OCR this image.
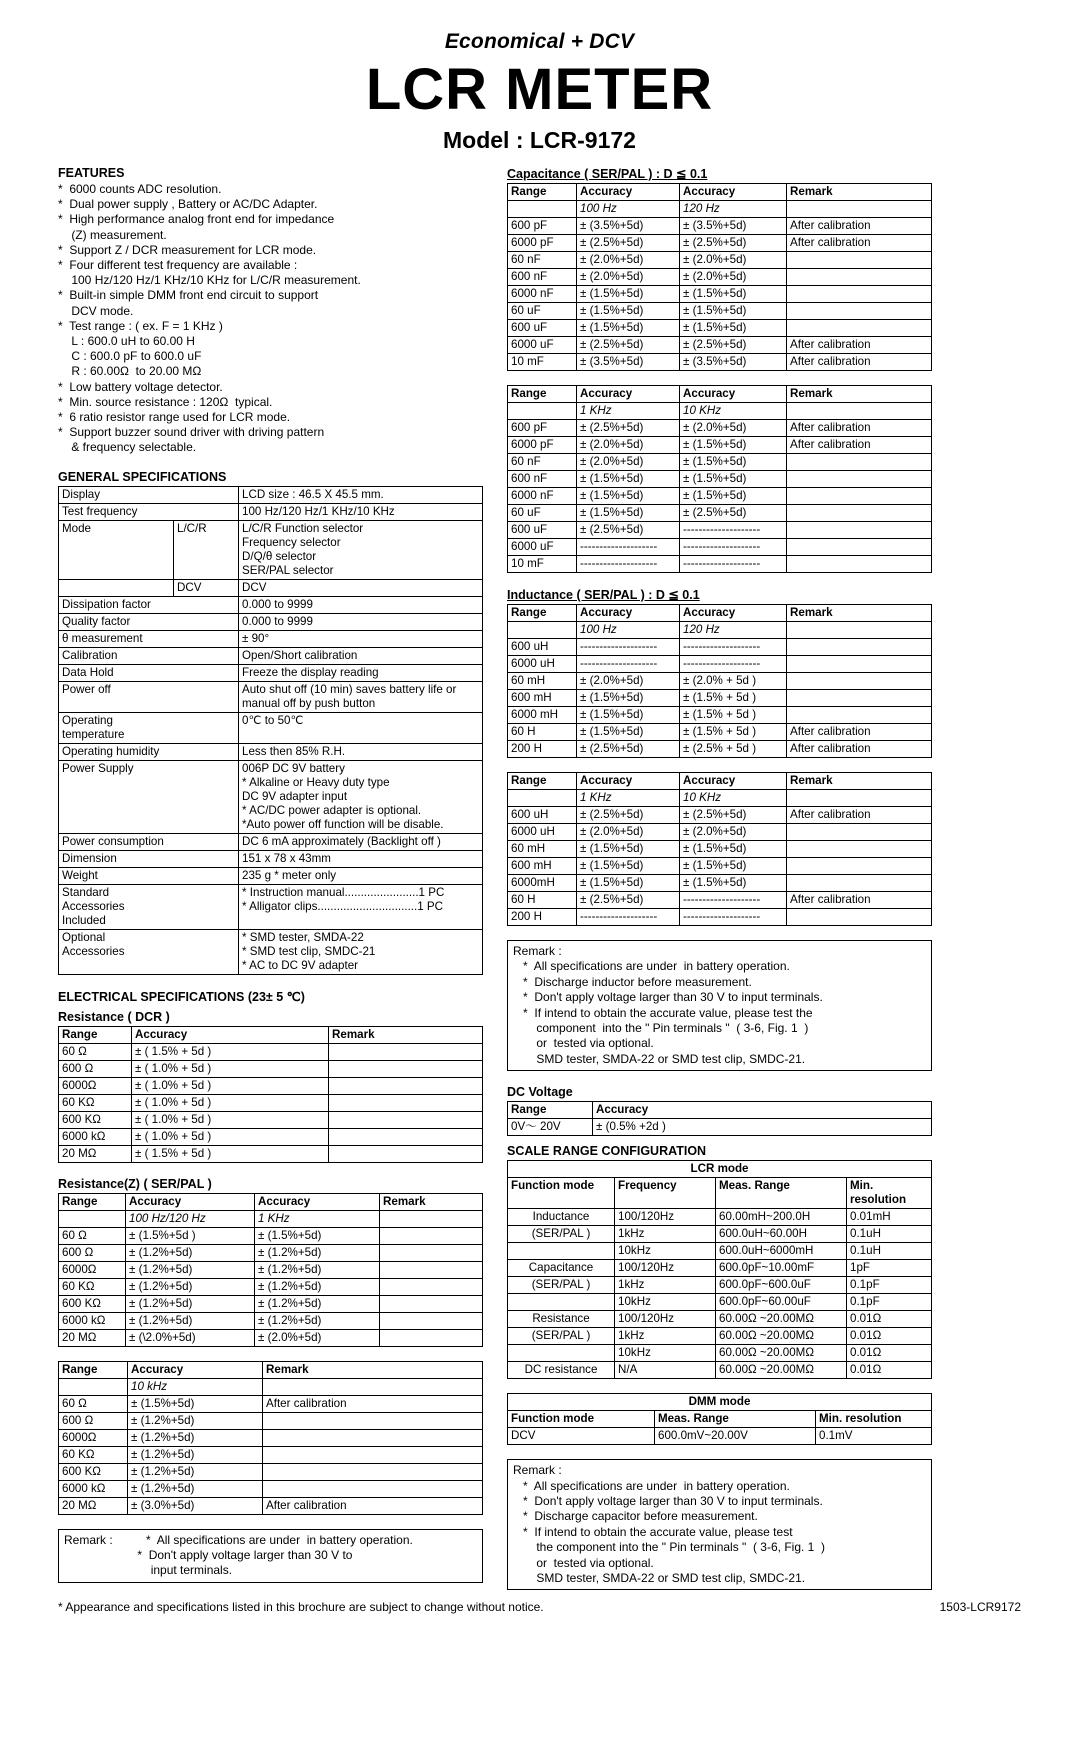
Economical + DCV
LCR METER
Model : LCR-9172
FEATURES
*  6000 counts ADC resolution.
*  Dual power supply , Battery or AC/DC Adapter.
*  High performance analog front end for impedance
(Z) measurement.
*  Support Z / DCR measurement for LCR mode.
*  Four different test frequency are available :
100 Hz/120 Hz/1 KHz/10 KHz for L/C/R measurement.
*  Built-in simple DMM front end circuit to support
DCV mode.
*  Test range : ( ex. F = 1 KHz )
L : 600.0 uH to 60.00 H
C : 600.0 pF to 600.0 uF
R : 60.00Ω  to 20.00 MΩ
*  Low battery voltage detector.
*  Min. source resistance : 120Ω  typical.
*  6 ratio resistor range used for LCR mode.
*  Support buzzer sound driver with driving pattern
& frequency selectable.
GENERAL SPECIFICATIONS
Display		LCD size : 46.5 X 45.5 mm.
Test frequency		100 Hz/120 Hz/1 KHz/10 KHz
Mode	L/C/R	L/C/R Function selector
Frequency selector
D/Q/θ selector
SER/PAL selector
	DCV	DCV
Dissipation factor		0.000 to 9999
Quality factor		0.000 to 9999
θ measurement		± 90°
Calibration		Open/Short calibration
Data Hold		Freeze the display reading
Power off		Auto shut off (10 min) saves battery life or
manual off by push button
Operating
temperature		0℃ to 50℃
Operating humidity		Less then 85% R.H.
Power Supply		006P DC 9V battery
* Alkaline or Heavy duty type
DC 9V adapter input
* AC/DC power adapter is optional.
*Auto power off function will be disable.
Power consumption		DC 6 mA approximately (Backlight off )
Dimension		151 x 78 x 43mm
Weight		235 g * meter only
Standard
Accessories
Included		* Instruction manual.......................1 PC
* Alligator clips...............................1 PC
Optional
Accessories		* SMD tester, SMDA-22
* SMD test clip, SMDC-21
* AC to DC 9V adapter
ELECTRICAL SPECIFICATIONS (23± 5 ℃)
Resistance ( DCR )
Range	Accuracy	Remark
60 Ω	± ( 1.5% + 5d )	
600 Ω	± ( 1.0% + 5d )	
6000Ω	± ( 1.0% + 5d )	
60 KΩ	± ( 1.0% + 5d )	
600 KΩ	± ( 1.0% + 5d )	
6000 kΩ	± ( 1.0% + 5d )	
20 MΩ	± ( 1.5% + 5d )	
Resistance(Z) ( SER/PAL )
Range	Accuracy	Accuracy	Remark
	100 Hz/120 Hz	1 KHz	
60 Ω	± (1.5%+5d )	± (1.5%+5d)	
600 Ω	± (1.2%+5d)	± (1.2%+5d)	
6000Ω	± (1.2%+5d)	± (1.2%+5d)	
60 KΩ	± (1.2%+5d)	± (1.2%+5d)	
600 KΩ	± (1.2%+5d)	± (1.2%+5d)	
6000 kΩ	± (1.2%+5d)	± (1.2%+5d)	
20 MΩ	± (\2.0%+5d)	± (2.0%+5d)	
Range	Accuracy	Remark
	10 kHz	
60 Ω	± (1.5%+5d)	After calibration
600 Ω	± (1.2%+5d)	
6000Ω	± (1.2%+5d)	
60 KΩ	± (1.2%+5d)	
600 KΩ	± (1.2%+5d)	
6000 kΩ	± (1.2%+5d)	
20 MΩ	± (3.0%+5d)	After calibration
Remark :          *  All specifications are under  in battery operation.
*  Don't apply voltage larger than 30 V to
input terminals.
Capacitance ( SER/PAL ) : D ≦ 0.1
Range	Accuracy	Accuracy	Remark
	100 Hz	120 Hz	
600 pF	± (3.5%+5d)	± (3.5%+5d)	After calibration
6000 pF	± (2.5%+5d)	± (2.5%+5d)	After calibration
60 nF	± (2.0%+5d)	± (2.0%+5d)	
600 nF	± (2.0%+5d)	± (2.0%+5d)	
6000 nF	± (1.5%+5d)	± (1.5%+5d)	
60 uF	± (1.5%+5d)	± (1.5%+5d)	
600 uF	± (1.5%+5d)	± (1.5%+5d)	
6000 uF	± (2.5%+5d)	± (2.5%+5d)	After calibration
10 mF	± (3.5%+5d)	± (3.5%+5d)	After calibration
Range	Accuracy	Accuracy	Remark
	1 KHz	10 KHz	
600 pF	± (2.5%+5d)	± (2.0%+5d)	After calibration
6000 pF	± (2.0%+5d)	± (1.5%+5d)	After calibration
60 nF	± (2.0%+5d)	± (1.5%+5d)	
600 nF	± (1.5%+5d)	± (1.5%+5d)	
6000 nF	± (1.5%+5d)	± (1.5%+5d)	
60 uF	± (1.5%+5d)	± (2.5%+5d)	
600 uF	± (2.5%+5d)	--------------------	
6000 uF	--------------------	--------------------	
10 mF	--------------------	--------------------	
Inductance ( SER/PAL ) : D ≦ 0.1
Range	Accuracy	Accuracy	Remark
	100 Hz	120 Hz	
600 uH	--------------------	--------------------	
6000 uH	--------------------	--------------------	
60 mH	± (2.0%+5d)	± (2.0% + 5d )	
600 mH	± (1.5%+5d)	± (1.5% + 5d )	
6000 mH	± (1.5%+5d)	± (1.5% + 5d )	
60 H	± (1.5%+5d)	± (1.5% + 5d )	After calibration
200 H	± (2.5%+5d)	± (2.5% + 5d )	After calibration
Range	Accuracy	Accuracy	Remark
	1 KHz	10 KHz	
600 uH	± (2.5%+5d)	± (2.5%+5d)	After calibration
6000 uH	± (2.0%+5d)	± (2.0%+5d)	
60 mH	± (1.5%+5d)	± (1.5%+5d)	
600 mH	± (1.5%+5d)	± (1.5%+5d)	
6000mH	± (1.5%+5d)	± (1.5%+5d)	
60 H	± (2.5%+5d)	--------------------	After calibration
200 H	--------------------	--------------------	
Remark :
*  All specifications are under  in battery operation.
*  Discharge inductor before measurement.
*  Don't apply voltage larger than 30 V to input terminals.
*  If intend to obtain the accurate value, please test the
component  into the " Pin terminals "  ( 3-6, Fig. 1  )
or  tested via optional.
SMD tester, SMDA-22 or SMD test clip, SMDC-21.
DC Voltage
Range	Accuracy
0V～ 20V	± (0.5% +2d )
SCALE RANGE CONFIGURATION
LCR mode			
Function mode	Frequency	Meas. Range	Min. resolution
Inductance	100/120Hz	60.00mH~200.0H	0.01mH
(SER/PAL )	1kHz	600.0uH~60.00H	0.1uH
	10kHz	600.0uH~6000mH	0.1uH
Capacitance	100/120Hz	600.0pF~10.00mF	1pF
(SER/PAL )	1kHz	600.0pF~600.0uF	0.1pF
	10kHz	600.0pF~60.00uF	0.1pF
Resistance	100/120Hz	60.00Ω ~20.00MΩ	0.01Ω
(SER/PAL )	1kHz	60.00Ω ~20.00MΩ	0.01Ω
	10kHz	60.00Ω ~20.00MΩ	0.01Ω
DC resistance	N/A	60.00Ω ~20.00MΩ	0.01Ω
DMM mode		
Function mode	Meas. Range	Min. resolution
DCV	600.0mV~20.00V	0.1mV
Remark :
*  All specifications are under  in battery operation.
*  Don't apply voltage larger than 30 V to input terminals.
*  Discharge capacitor before measurement.
*  If intend to obtain the accurate value, please test
the component into the " Pin terminals "  ( 3-6, Fig. 1  )
or  tested via optional.
SMD tester, SMDA-22 or SMD test clip, SMDC-21.
* Appearance and specifications listed in this brochure are subject to change without notice.	1503-LCR9172
